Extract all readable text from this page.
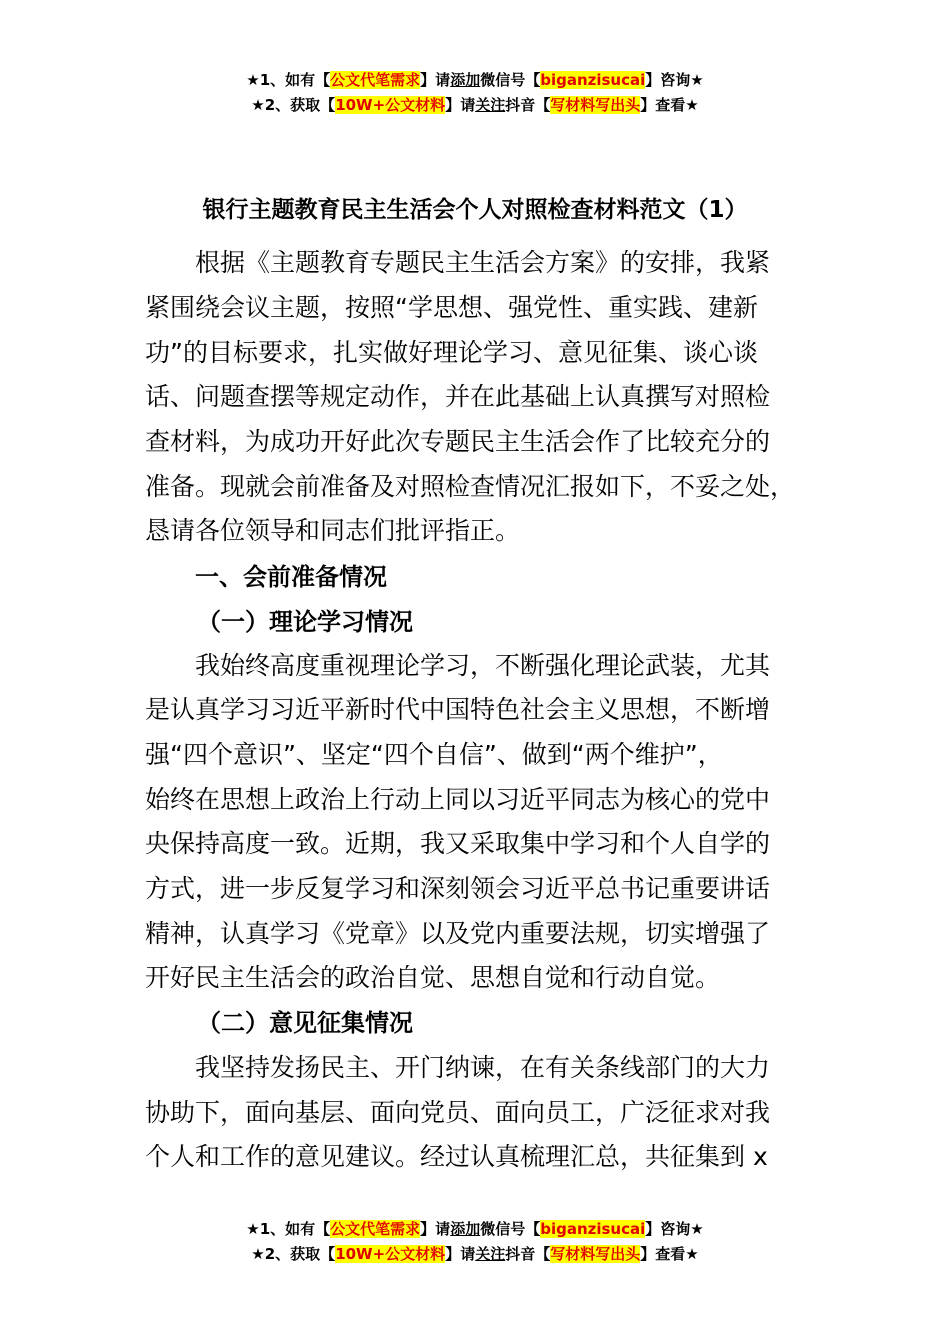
★1、如有【公文代笔需求】请添加微信号【biganzisucai】咨询★
★2、获取【10W+公文材料】请关注抖音【写材料写出头】查看★
银行主题教育民主生活会个人对照检查材料范文（1）
根据《主题教育专题民主生活会方案》的安排，我紧
紧围绕会议主题，按照“学思想、强党性、重实践、建新
功”的目标要求，扎实做好理论学习、意见征集、谈心谈
话、问题查摆等规定动作，并在此基础上认真撰写对照检
查材料，为成功开好此次专题民主生活会作了比较充分的
准备。现就会前准备及对照检查情况汇报如下，不妥之处，
恳请各位领导和同志们批评指正。
一、会前准备情况
（一）理论学习情况
我始终高度重视理论学习，不断强化理论武装，尤其
是认真学习习近平新时代中国特色社会主义思想，不断增
强“四个意识”、坚定“四个自信”、做到“两个维护”，
始终在思想上政治上行动上同以习近平同志为核心的党中
央保持高度一致。近期，我又采取集中学习和个人自学的
方式，进一步反复学习和深刻领会习近平总书记重要讲话
精神，认真学习《党章》以及党内重要法规，切实增强了
开好民主生活会的政治自觉、思想自觉和行动自觉。
（二）意见征集情况
我坚持发扬民主、开门纳谏，在有关条线部门的大力
协助下，面向基层、面向党员、面向员工，广泛征求对我
个人和工作的意见建议。经过认真梳理汇总，共征集到 x
★1、如有【公文代笔需求】请添加微信号【biganzisucai】咨询★
★2、获取【10W+公文材料】请关注抖音【写材料写出头】查看★
